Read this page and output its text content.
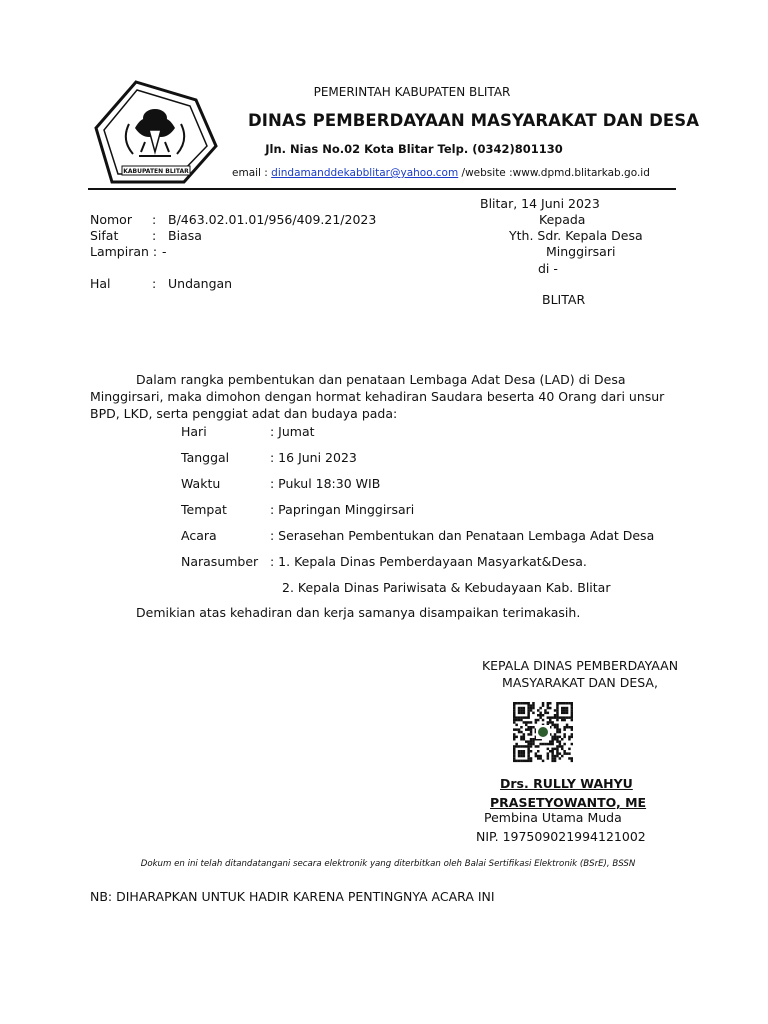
KABUPATEN BLITAR
PEMERINTAH KABUPATEN BLITAR
DINAS PEMBERDAYAAN MASYARAKAT DAN DESA
Jln. Nias No.02 Kota Blitar Telp. (0342)801130
email : dindamanddekabblitar@yahoo.com /website :www.dpmd.blitarkab.go.id
Blitar, 14 Juni 2023
Kepada
Yth. Sdr. Kepala Desa
Minggirsari
di -
BLITAR
Nomor : B/463.02.01.01/956/409.21/2023
Sifat	: Biasa
Lampiran : -
Hal	: Undangan
Dalam rangka pembentukan dan penataan Lembaga Adat Desa (LAD) di Desa
Minggirsari, maka dimohon dengan hormat kehadiran Saudara beserta 40 Orang dari unsur
BPD, LKD, serta penggiat adat dan budaya pada:
Hari	: Jumat
Tanggal	: 16 Juni 2023
Waktu	: Pukul 18:30 WIB
Tempat	: Papringan Minggirsari
Acara	: Serasehan Pembentukan dan Penataan Lembaga Adat Desa
Narasumber : 1. Kepala Dinas Pemberdayaan Masyarkat&Desa.
2. Kepala Dinas Pariwisata & Kebudayaan Kab. Blitar
Demikian atas kehadiran dan kerja samanya disampaikan terimakasih.
KEPALA DINAS PEMBERDAYAAN
MASYARAKAT DAN DESA,
Drs. RULLY WAHYU
PRASETYOWANTO, ME
Pembina Utama Muda
NIP. 197509021994121002
Dokum en ini telah ditandatangani secara elektronik yang diterbitkan oleh Balai Sertifikasi Elektronik (BSrE), BSSN
NB: DIHARAPKAN UNTUK HADIR KARENA PENTINGNYA ACARA INI
